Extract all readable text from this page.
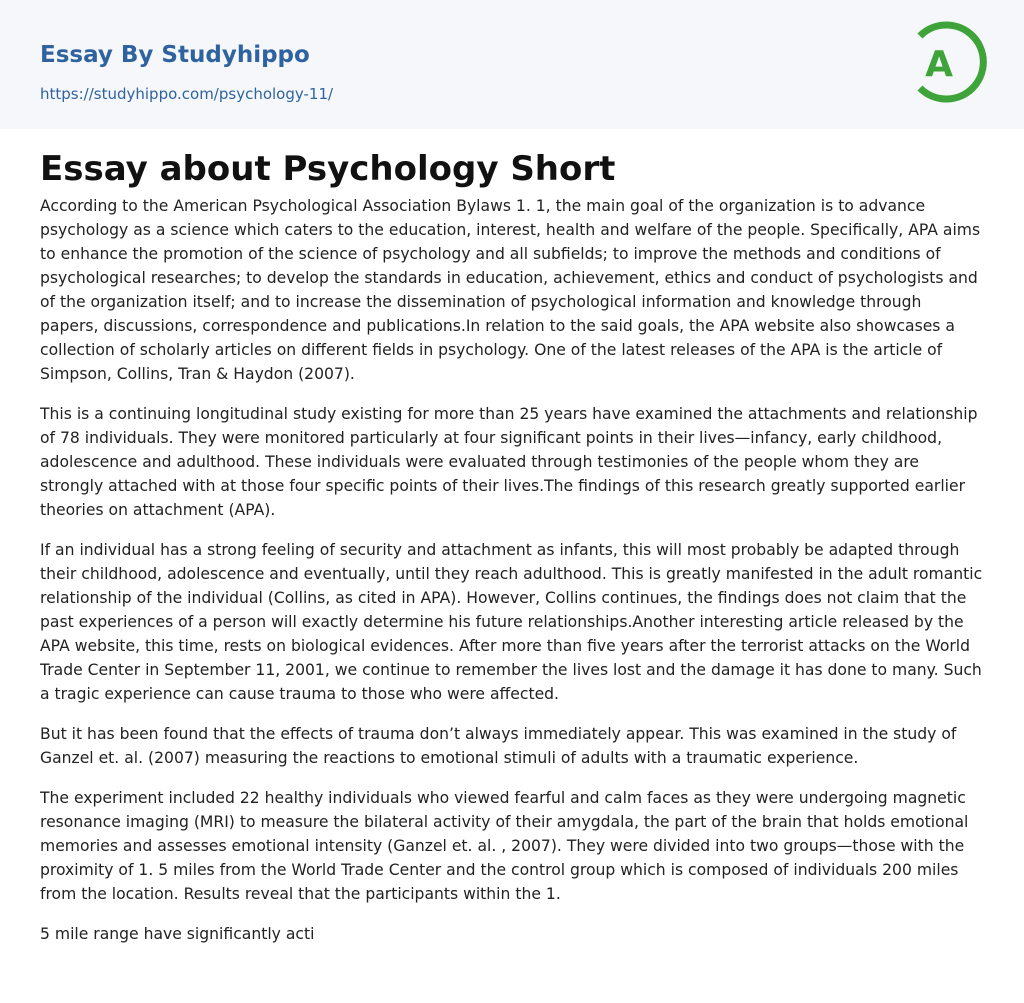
Essay By Studyhippo
https://studyhippo.com/psychology-11/
A
Essay about Psychology Short

According to the American Psychological Association Bylaws 1. 1, the main goal of the organization is to advance psychology as a science which caters to the education, interest, health and welfare of the people. Specifically, APA aims to enhance the promotion of the science of psychology and all subfields; to improve the methods and conditions of psychological researches; to develop the standards in education, achievement, ethics and conduct of psychologists and of the organization itself; and to increase the dissemination of psychological information and knowledge through papers, discussions, correspondence and publications.In relation to the said goals, the APA website also showcases a collection of scholarly articles on different fields in psychology. One of the latest releases of the APA is the article of Simpson, Collins, Tran & Haydon (2007).

This is a continuing longitudinal study existing for more than 25 years have examined the attachments and relationship of 78 individuals. They were monitored particularly at four significant points in their lives—infancy, early childhood, adolescence and adulthood. These individuals were evaluated through testimonies of the people whom they are strongly attached with at those four specific points of their lives.The findings of this research greatly supported earlier theories on attachment (APA).

If an individual has a strong feeling of security and attachment as infants, this will most probably be adapted through their childhood, adolescence and eventually, until they reach adulthood. This is greatly manifested in the adult romantic relationship of the individual (Collins, as cited in APA). However, Collins continues, the findings does not claim that the past experiences of a person will exactly determine his future relationships.Another interesting article released by the APA website, this time, rests on biological evidences. After more than five years after the terrorist attacks on the World Trade Center in September 11, 2001, we continue to remember the lives lost and the damage it has done to many. Such a tragic experience can cause trauma to those who were affected.

But it has been found that the effects of trauma don’t always immediately appear. This was examined in the study of Ganzel et. al. (2007) measuring the reactions to emotional stimuli of adults with a traumatic experience.

The experiment included 22 healthy individuals who viewed fearful and calm faces as they were undergoing magnetic resonance imaging (MRI) to measure the bilateral activity of their amygdala, the part of the brain that holds emotional memories and assesses emotional intensity (Ganzel et. al. , 2007). They were divided into two groups—those with the proximity of 1. 5 miles from the World Trade Center and the control group which is composed of individuals 200 miles from the location. Results reveal that the participants within the 1.

5 mile range have significantly acti
